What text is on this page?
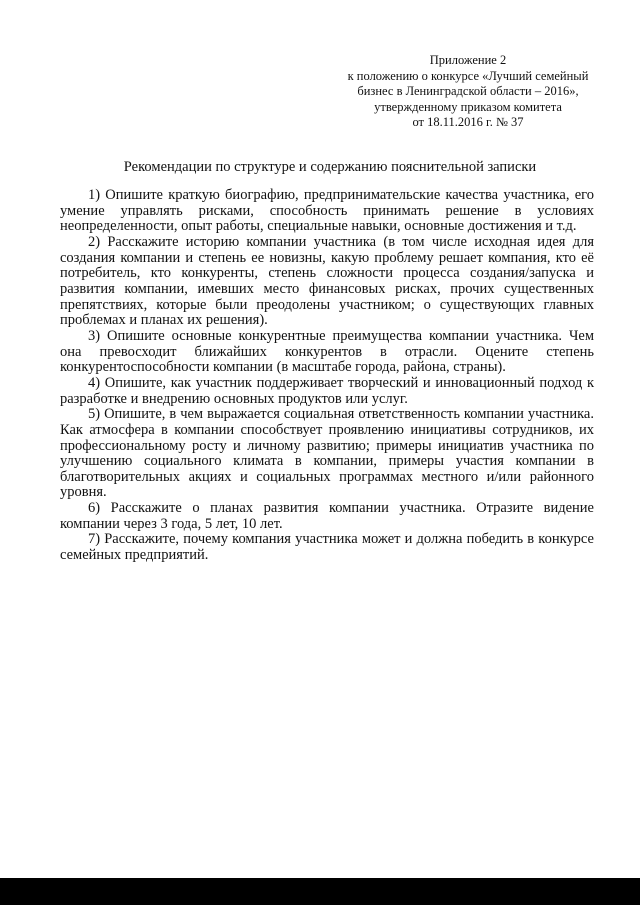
Приложение 2
к положению о конкурсе «Лучший семейный
бизнес в Ленинградской области – 2016»,
утвержденному приказом комитета
от 18.11.2016 г. № 37
Рекомендации по структуре и содержанию пояснительной записки

1) Опишите краткую биографию, предпринимательские качества участника, его умение управлять рисками, способность принимать решение в условиях неопределенности, опыт работы, специальные навыки, основные достижения и т.д.

2) Расскажите историю компании участника (в том числе исходная идея для создания компании и степень ее новизны, какую проблему решает компания, кто её потребитель, кто конкуренты, степень сложности процесса создания/запуска и развития компании, имевших место финансовых рисках, прочих существенных препятствиях, которые были преодолены участником; о существующих главных проблемах и планах их решения).

3) Опишите основные конкурентные преимущества компании участника. Чем она превосходит ближайших конкурентов в отрасли. Оцените степень конкурентоспособности компании (в масштабе города, района, страны).

4) Опишите, как участник поддерживает творческий и инновационный подход к разработке и внедрению основных продуктов или услуг.

5) Опишите, в чем выражается социальная ответственность компании участника. Как атмосфера в компании способствует проявлению инициативы сотрудников, их профессиональному росту и личному развитию; примеры инициатив участника по улучшению социального климата в компании, примеры участия компании в благотворительных акциях и социальных программах местного и/или районного уровня.

6) Расскажите о планах развития компании участника. Отразите видение компании через 3 года, 5 лет, 10 лет.

7) Расскажите, почему компания участника может и должна победить в конкурсе семейных предприятий.
